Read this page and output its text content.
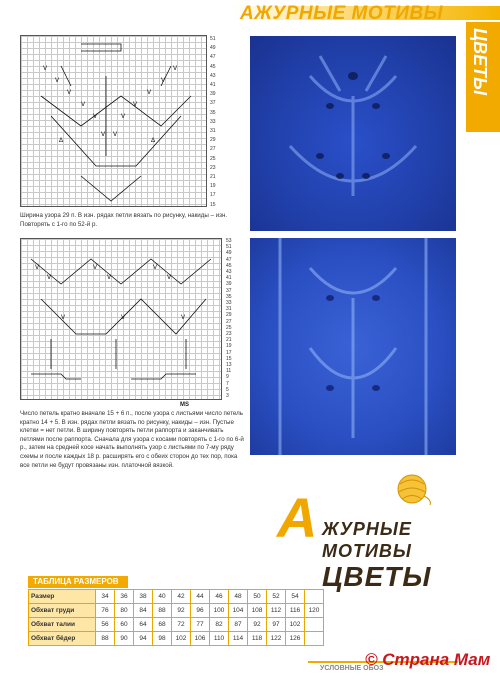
АЖУРНЫЕ МОТИВЫ
ЦВЕТЫ
V
V
V
V
V	V
V
V
V
V
V V
Δ	Δ
51
49
47
45
43
41
39
37
35
33
31
29
27
25
23
21
19
17
15
Ширина узора 29 п. В изн. рядах петли вязать по рисунку, накиды – изн. Повторять с 1-го по 52-й р.
V
V
V
V
V
V
V	V	V
53
51
49
47
45
43
41
39
37
35
33
31
29
27
25
23
21
19
17
15
13
11
9
7
5
3
MS
Число петель кратно вначале 15 + 6 п., после узора с листьями число петель кратно 14 + 5. В изн. рядах петли вязать по рисунку, накиды – изн. Пустые клетки = нет петли. В ширину повторять петли раппорта и заканчивать петлями после раппорта. Сначала для узора с косами повторять с 1-го по 6-й р., затем на средней косе начать выполнять узор с листьями по 7-му ряду схемы и после каждых 18 р. расширять его с обеих сторон до тех пор, пока все петли не будут провязаны изн. платочной вязкой.
А ЖУРНЫЕ
МОТИВЫ
ЦВЕТЫ
ТАБЛИЦА РАЗМЕРОВ
Размер	34	36	38	40	42	44	46	48	50	52	54	
Обхват груди	76	80	84	88	92	96	100	104	108	112	116	120
Обхват талии	56	60	64	68	72	77	82	87	92	97	102	
Обхват бёдер	88	90	94	98	102	106	110	114	118	122	126	
УСЛОВНЫЕ ОБОЗ
© Страна Мам
